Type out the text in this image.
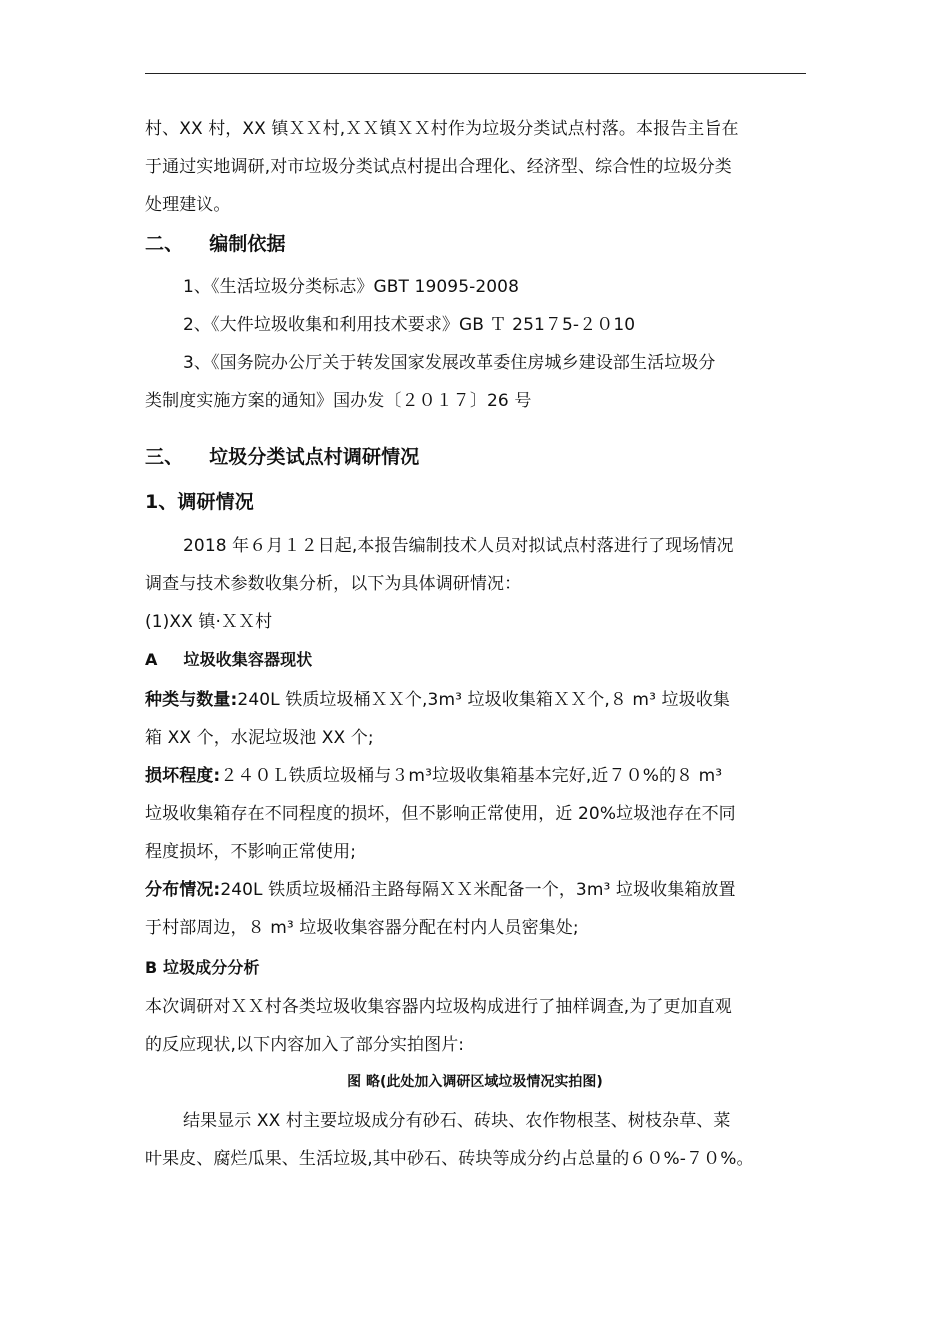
村、XX 村，XX 镇ＸＸ村,ＸＸ镇ＸＸ村作为垃圾分类试点村落。本报告主旨在
于通过实地调研,对市垃圾分类试点村提出合理化、经济型、综合性的垃圾分类
处理建议。
二、 编制依据
1、《生活垃圾分类标志》GBT 19095-2008
2、《大件垃圾收集和利用技术要求》GB Ｔ 251７5-２０10
3、《国务院办公厅关于转发国家发展改革委住房城乡建设部生活垃圾分
类制度实施方案的通知》国办发〔２０１７〕26 号
三、 垃圾分类试点村调研情况
1、调研情况
2018 年６月１２日起,本报告编制技术人员对拟试点村落进行了现场情况
调查与技术参数收集分析，以下为具体调研情况：
(1)XX 镇·ＸＸ村
A 垃圾收集容器现状
种类与数量:240L 铁质垃圾桶ＸＸ个,3m³ 垃圾收集箱ＸＸ个,８ m³ 垃圾收集
箱 XX 个，水泥垃圾池 XX 个;
损坏程度:２４０Ｌ铁质垃圾桶与３m³垃圾收集箱基本完好,近７０%的８ m³
垃圾收集箱存在不同程度的损坏，但不影响正常使用，近 20%垃圾池存在不同
程度损坏，不影响正常使用;
分布情况:240L 铁质垃圾桶沿主路每隔ＸＸ米配备一个，3m³ 垃圾收集箱放置
于村部周边，８ m³ 垃圾收集容器分配在村内人员密集处;
B 垃圾成分分析
本次调研对ＸＸ村各类垃圾收集容器内垃圾构成进行了抽样调查,为了更加直观
的反应现状,以下内容加入了部分实拍图片:
图 略(此处加入调研区域垃圾情况实拍图)
结果显示 XX 村主要垃圾成分有砂石、砖块、农作物根茎、树枝杂草、菜
叶果皮、腐烂瓜果、生活垃圾,其中砂石、砖块等成分约占总量的６０%-７０%。
